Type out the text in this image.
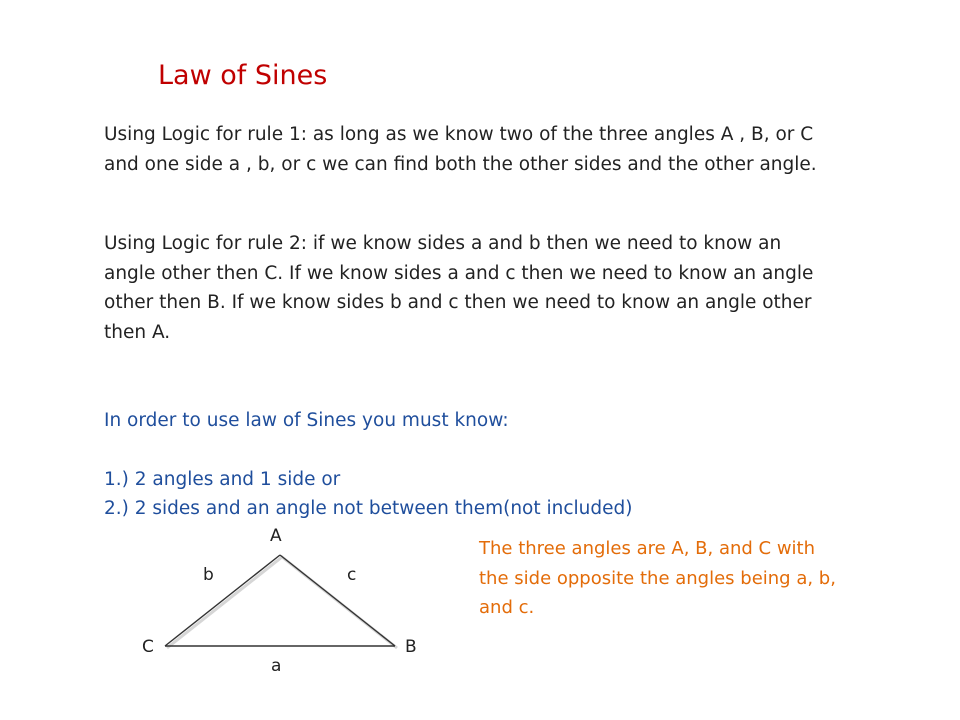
Law of Sines
Using Logic for rule 1: as long as we know two of the three angles A , B, or C and one side a , b, or c we can find both the other sides and the other angle.
Using Logic for rule 2: if we know sides a and b then we need to know an angle other then C. If we know sides a and c then we need to know an angle other then B. If we know sides b and c then we need to know an angle other then A.
In order to use law of Sines you must know:
1.) 2 angles and 1 side or
2.) 2 sides and an angle not between them(not included)
The three angles are A, B, and C with the side opposite the angles being a, b, and c.
A
C	B
b	c
a
